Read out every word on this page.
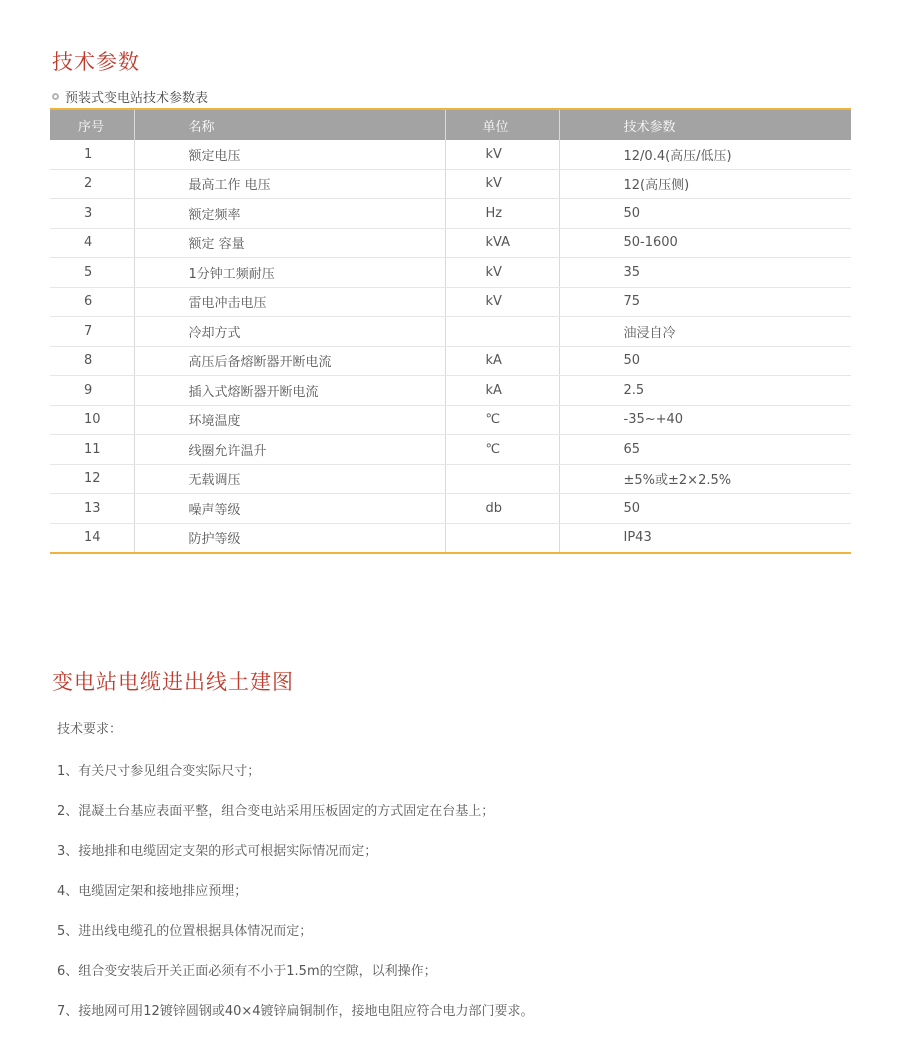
技术参数
预装式变电站技术参数表
序号	名称	单位	技术参数
1	额定电压	kV	12/0.4(高压/低压)
2	最高工作 电压	kV	12(高压侧)
3	额定频率	Hz	50
4	额定 容量	kVA	50-1600
5	1分钟工频耐压	kV	35
6	雷电冲击电压	kV	75
7	冷却方式		油浸自冷
8	高压后备熔断器开断电流	kA	50
9	插入式熔断器开断电流	kA	2.5
10	环境温度	℃	-35~+40
11	线圈允许温升	℃	65
12	无载调压		±5%或±2×2.5%
13	噪声等级	db	50
14	防护等级		IP43
变电站电缆进出线土建图

技术要求：

1、有关尺寸参见组合变实际尺寸；

2、混凝土台基应表面平整，组合变电站采用压板固定的方式固定在台基上；

3、接地排和电缆固定支架的形式可根据实际情况而定；

4、电缆固定架和接地排应预埋；

5、进出线电缆孔的位置根据具体情况而定；

6、组合变安装后开关正面必须有不小于1.5m的空隙，以利操作；

7、接地网可用12镀锌圆钢或40×4镀锌扁铜制作，接地电阻应符合电力部门要求。
